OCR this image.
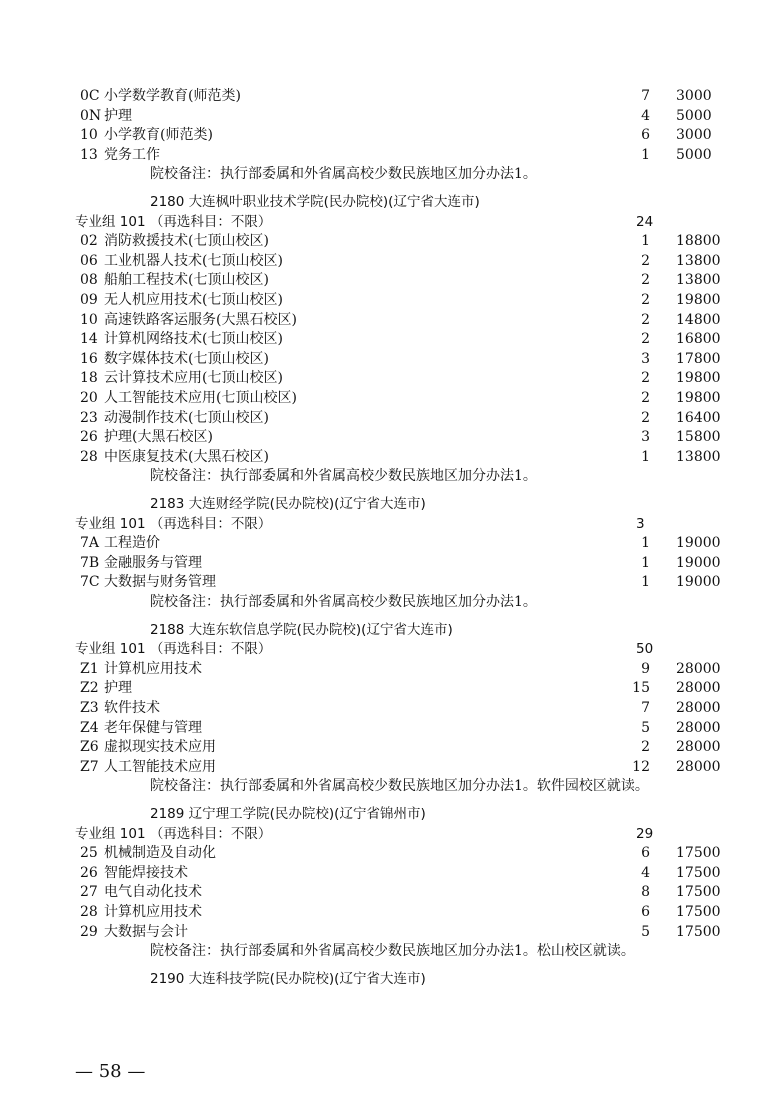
0C 小学数学教育(师范类)	7 3000
0N 护理	4 5000
10 小学教育(师范类)	6 3000
13 党务工作	1 5000
院校备注：执行部委属和外省属高校少数民族地区加分办法1。
2180 大连枫叶职业技术学院(民办院校)(辽宁省大连市)
专业组 101 （再选科目：不限）	24
02 消防救援技术(七顶山校区)	1 18800
06 工业机器人技术(七顶山校区)	2 13800
08 船舶工程技术(七顶山校区)	2 13800
09 无人机应用技术(七顶山校区)	2 19800
10 高速铁路客运服务(大黑石校区)	2 14800
14 计算机网络技术(七顶山校区)	2 16800
16 数字媒体技术(七顶山校区)	3 17800
18 云计算技术应用(七顶山校区)	2 19800
20 人工智能技术应用(七顶山校区)	2 19800
23 动漫制作技术(七顶山校区)	2 16400
26 护理(大黑石校区)	3 15800
28 中医康复技术(大黑石校区)	1 13800
院校备注：执行部委属和外省属高校少数民族地区加分办法1。
2183 大连财经学院(民办院校)(辽宁省大连市)
专业组 101 （再选科目：不限）	3
7A 工程造价	1 19000
7B 金融服务与管理	1 19000
7C 大数据与财务管理	1 19000
院校备注：执行部委属和外省属高校少数民族地区加分办法1。
2188 大连东软信息学院(民办院校)(辽宁省大连市)
专业组 101 （再选科目：不限）	50
Z1 计算机应用技术	9 28000
Z2 护理	15 28000
Z3 软件技术	7 28000
Z4 老年保健与管理	5 28000
Z6 虚拟现实技术应用	2 28000
Z7 人工智能技术应用	12 28000
院校备注：执行部委属和外省属高校少数民族地区加分办法1。软件园校区就读。
2189 辽宁理工学院(民办院校)(辽宁省锦州市)
专业组 101 （再选科目：不限）	29
25 机械制造及自动化	6 17500
26 智能焊接技术	4 17500
27 电气自动化技术	8 17500
28 计算机应用技术	6 17500
29 大数据与会计	5 17500
院校备注：执行部委属和外省属高校少数民族地区加分办法1。松山校区就读。
2190 大连科技学院(民办院校)(辽宁省大连市)
— 58 —
